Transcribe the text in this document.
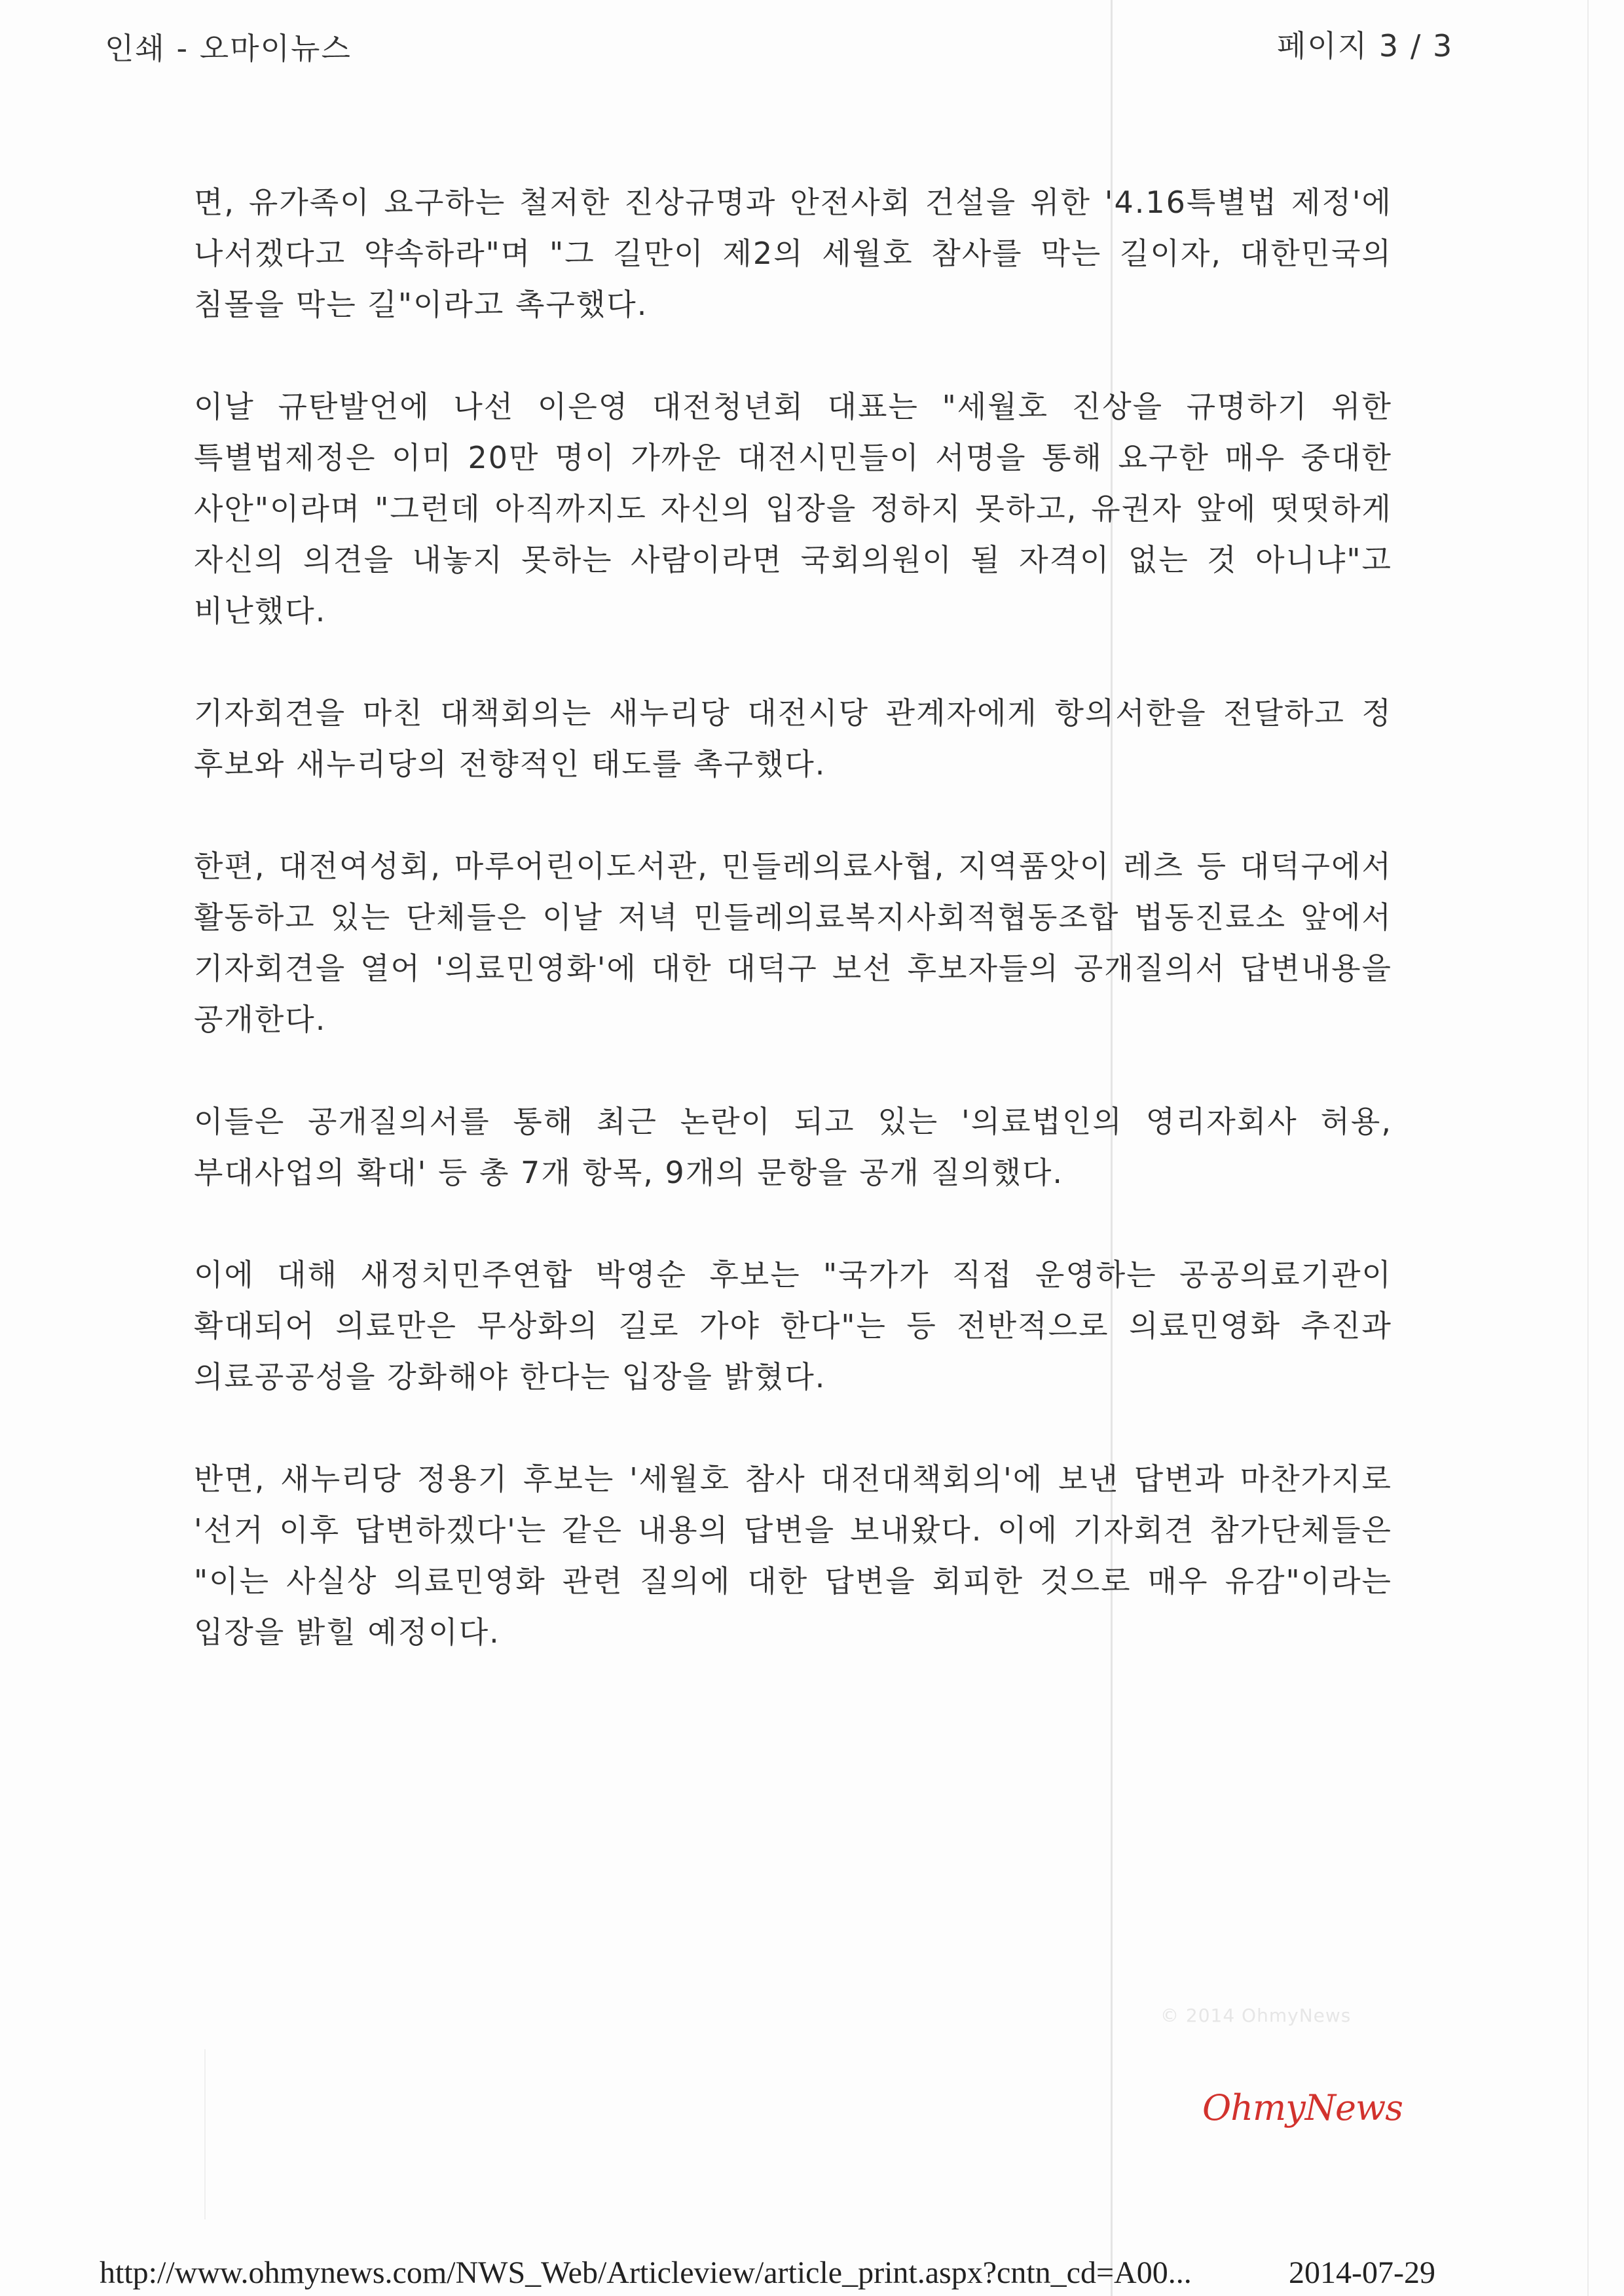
인쇄 - 오마이뉴스	페이지 3 / 3

면, 유가족이 요구하는 철저한 진상규명과 안전사회 건설을 위한 '4.16특별법 제정'에 나서겠다고 약속하라"며 "그 길만이 제2의 세월호 참사를 막는 길이자, 대한민국의 침몰을 막는 길"이라고 촉구했다.

이날 규탄발언에 나선 이은영 대전청년회 대표는 "세월호 진상을 규명하기 위한 특별법제정은 이미 20만 명이 가까운 대전시민들이 서명을 통해 요구한 매우 중대한 사안"이라며 "그런데 아직까지도 자신의 입장을 정하지 못하고, 유권자 앞에 떳떳하게 자신의 의견을 내놓지 못하는 사람이라면 국회의원이 될 자격이 없는 것 아니냐"고 비난했다.

기자회견을 마친 대책회의는 새누리당 대전시당 관계자에게 항의서한을 전달하고 정 후보와 새누리당의 전향적인 태도를 촉구했다.

한편, 대전여성회, 마루어린이도서관, 민들레의료사협, 지역품앗이 레츠 등 대덕구에서 활동하고 있는 단체들은 이날 저녁 민들레의료복지사회적협동조합 법동진료소 앞에서 기자회견을 열어 '의료민영화'에 대한 대덕구 보선 후보자들의 공개질의서 답변내용을 공개한다.

이들은 공개질의서를 통해 최근 논란이 되고 있는 '의료법인의 영리자회사 허용, 부대사업의 확대' 등 총 7개 항목, 9개의 문항을 공개 질의했다.

이에 대해 새정치민주연합 박영순 후보는 "국가가 직접 운영하는 공공의료기관이 확대되어 의료만은 무상화의 길로 가야 한다"는 등 전반적으로 의료민영화 추진과 의료공공성을 강화해야 한다는 입장을 밝혔다.

반면, 새누리당 정용기 후보는 '세월호 참사 대전대책회의'에 보낸 답변과 마찬가지로 '선거 이후 답변하겠다'는 같은 내용의 답변을 보내왔다. 이에 기자회견 참가단체들은 "이는 사실상 의료민영화 관련 질의에 대한 답변을 회피한 것으로 매우 유감"이라는 입장을 밝힐 예정이다.

© 2014 OhmyNews
OhmyNews
http://www.ohmynews.com/NWS_Web/Articleview/article_print.aspx?cntn_cd=A00...	2014-07-29
